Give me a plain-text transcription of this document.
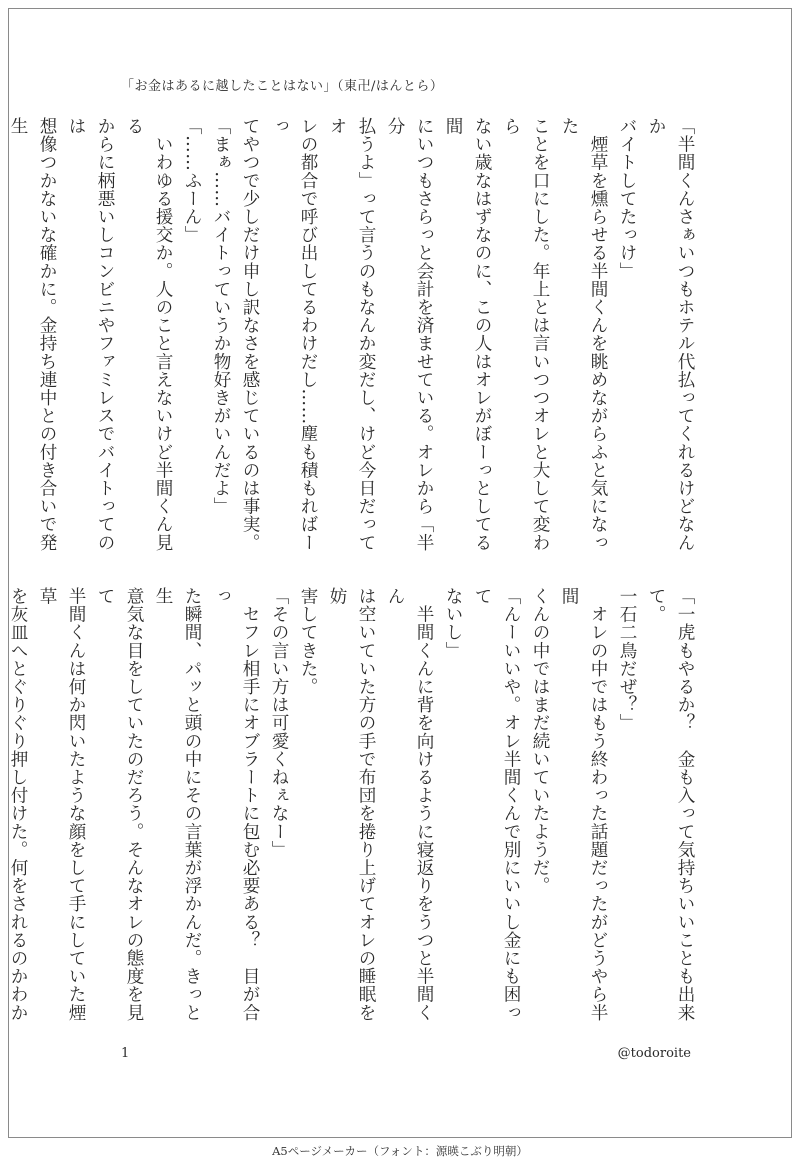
「お金はあるに越したことはない」（東卍/はんとら）

「半間くんさぁいつもホテル代払ってくれるけどなんか

バイトしてたっけ」

　煙草を燻らせる半間くんを眺めながらふと気になった

ことを口にした。年上とは言いつつオレと大して変わら

ない歳なはずなのに、この人はオレがぼーっとしてる間

にいつもさらっと会計を済ませている。オレから「半分

払うよ」って言うのもなんか変だし、けど今日だってオ

レの都合で呼び出してるわけだし……塵も積もればーっ

てやつで少しだけ申し訳なさを感じているのは事実。

「まぁ……バイトっていうか物好きがいんだよ」

「……ふーん」

　いわゆる援交か。人のこと言えないけど半間くん見る

からに柄悪いしコンビニやファミレスでバイトってのは

想像つかないな確かに。金持ち連中との付き合いで発生

「一虎もやるか？　金も入って気持ちいいことも出来て。

一石二鳥だぜ？」

　オレの中ではもう終わった話題だったがどうやら半間

くんの中ではまだ続いていたようだ。

「んーいいや。オレ半間くんで別にいいし金にも困って

ないし」

　半間くんに背を向けるように寝返りをうつと半間くん

は空いていた方の手で布団を捲り上げてオレの睡眠を妨

害してきた。

「その言い方は可愛くねぇなー」

　セフレ相手にオブラートに包む必要ある？　目が合っ

た瞬間、パッと頭の中にその言葉が浮かんだ。きっと生

意気な目をしていたのだろう。そんなオレの態度を見て

半間くんは何か閃いたような顔をして手にしていた煙草

を灰皿へとぐりぐり押し付けた。何をされるのかわか

1	@todoroite
A5ページメーカー（フォント：源暎こぶり明朝）
